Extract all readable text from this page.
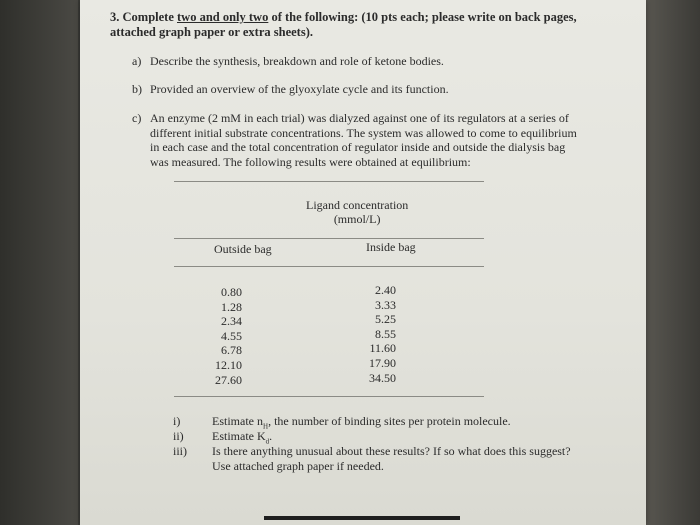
3. Complete two and only two of the following: (10 pts each; please write on back pages,
attached graph paper or extra sheets).
a) Describe the synthesis, breakdown and role of ketone bodies.
b) Provided an overview of the glyoxylate cycle and its function.
c) An enzyme (2 mM in each trial) was dialyzed against one of its regulators at a series of
different initial substrate concentrations. The system was allowed to come to equilibrium
in each case and the total concentration of regulator inside and outside the dialysis bag
was measured. The following results were obtained at equilibrium:
Ligand concentration
(mmol/L)
Outside bag	Inside bag
0.80
1.28
2.34
4.55
6.78
12.10
27.60
2.40
3.33
5.25
8.55
11.60
17.90
34.50
i)	Estimate $n_H$, the number of binding sites per protein molecule.
ii) Estimate $K_d$.
iii) Is there anything unusual about these results? If so what does this suggest?
Use attached graph paper if needed.
